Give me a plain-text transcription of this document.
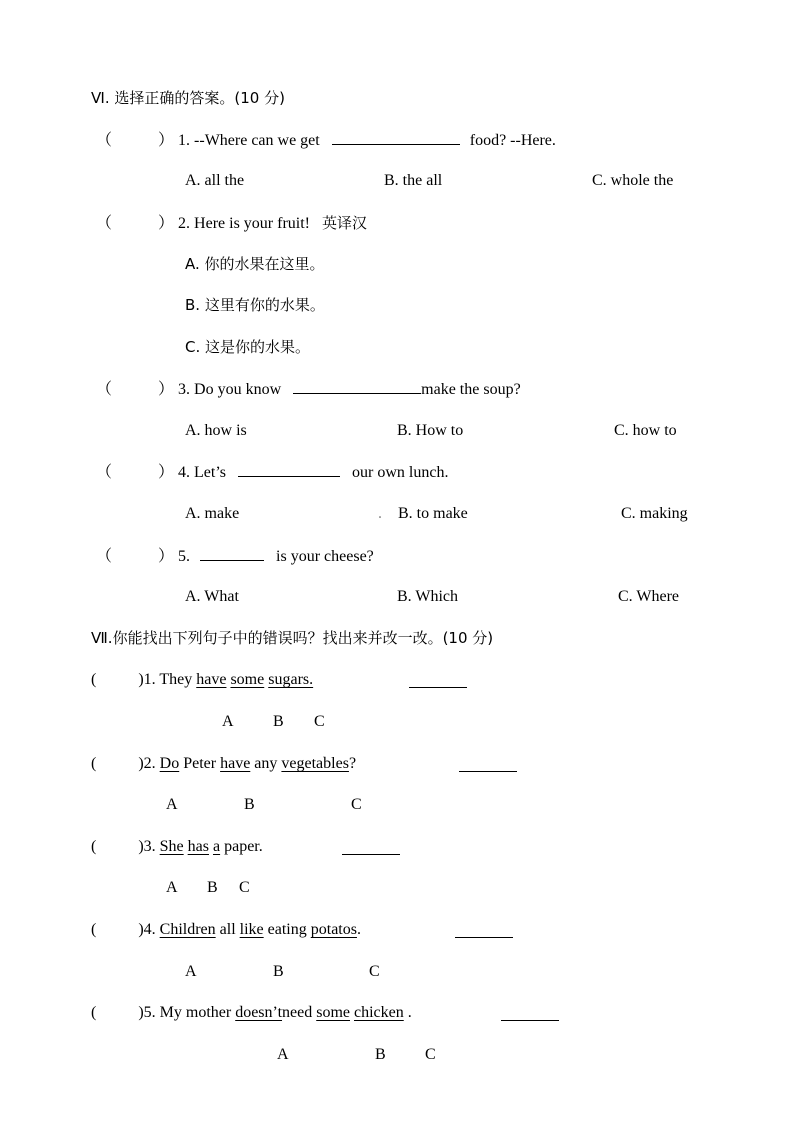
Ⅵ. 选择正确的答案。(10 分)
（	） 1. --Where can we get	food? --Here.
A. all the	B. the all	C. whole the
（	） 2. Here is your fruit! 英译汉
A. 你的水果在这里。
B. 这里有你的水果。
C. 这是你的水果。
（	） 3. Do you know	make the soup?
A. how is	B. How to	C. how to
（	） 4. Let’s	our own lunch.
A. make	. B. to make	C. making
（	） 5.	is your cheese?
A. What	B. Which	C. Where
Ⅶ.你能找出下列句子中的错误吗？找出来并改一改。(10 分)
(	)1. They have some sugars.
A B C
(	)2. Do Peter have any vegetables?
A	B	C
(	)3. She has a paper.
A B C
(	)4. Children all like eating potatos.
A	B	C
(	)5. My mother doesn’tneed some chicken .
A	B C
